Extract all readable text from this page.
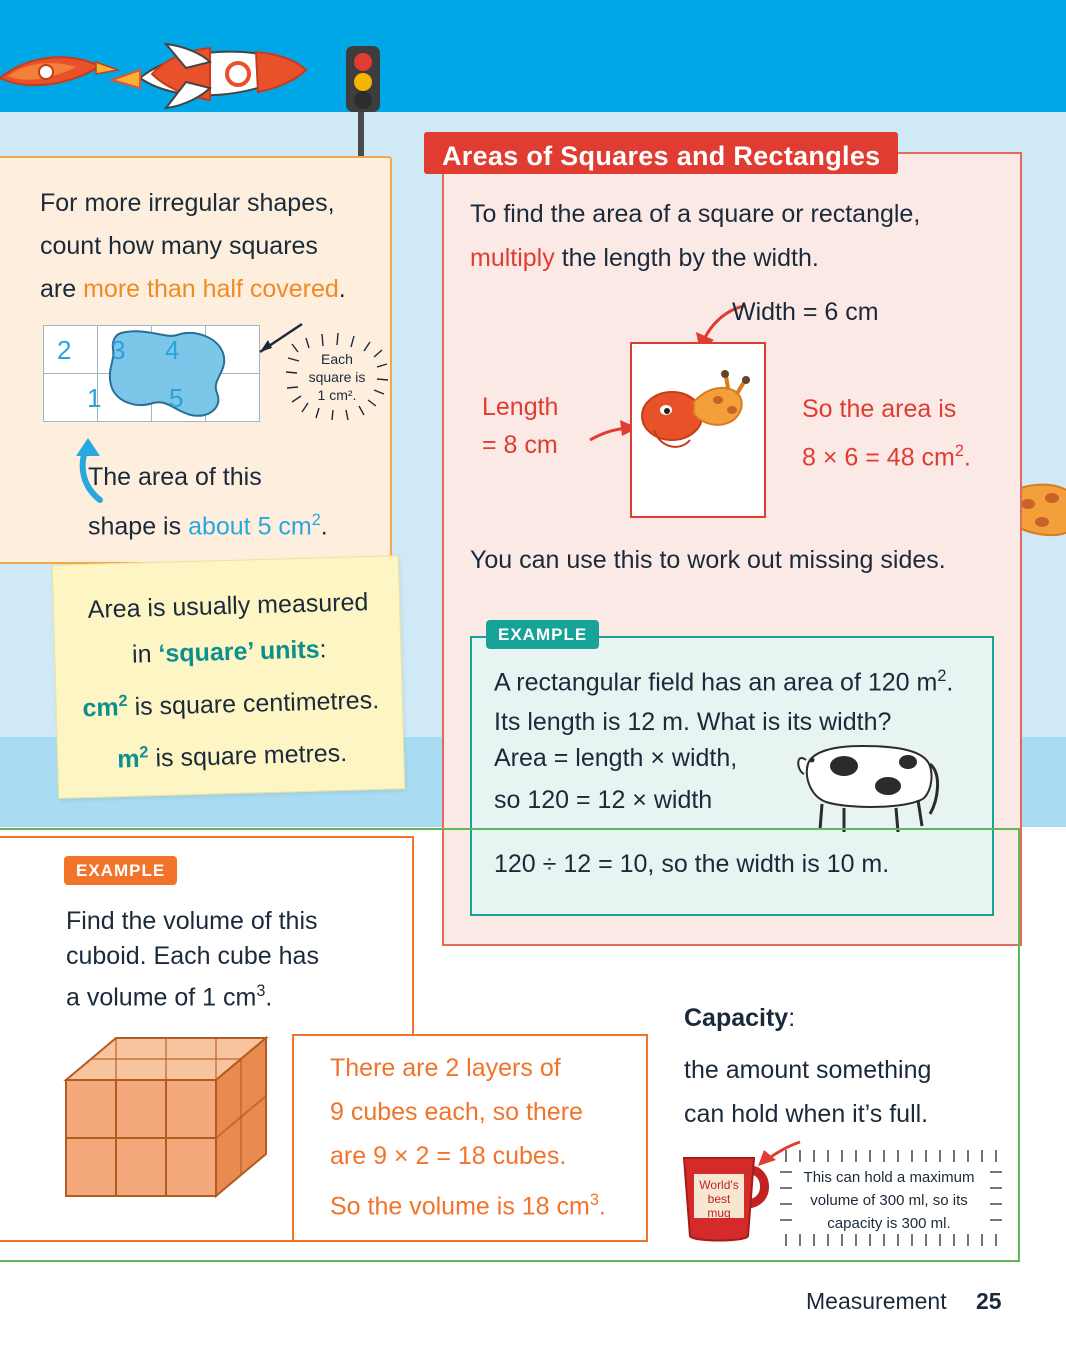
For more irregular shapes,
count how many squares
are more than half covered.
2 3 4
1	5
Each
square is
1 cm².
The area of this
shape is about 5 $cm^2$.
Area is usually measured
in ‘square’ units:
$cm^2$ is square centimetres.
$m^2$ is square metres.
Areas of Squares and Rectangles
To find the area of a square or rectangle,
multiply the length by the width.
Width = 6 cm
Length
= 8 cm
So the area is
8 × 6 = 48 $cm^2$.
You can use this to work out missing sides.

A rectangular field has an area of 120 $m^2$.
Its length is 12 m. What is its width?

Area = length × width,

so 120 = 12 × width

120 ÷ 12 = 10, so the width is 10 m.

EXAMPLE
EXAMPLE
Find the volume of this
cuboid. Each cube has
a volume of 1 $cm^3$.
There are 2 layers of
9 cubes each, so there
are 9 × 2 = 18 cubes.
So the volume is 18 $cm^3$.
Capacity:
the amount something
can hold when it’s full.
World's
best
mug
This can hold a maximum
volume of 300 ml, so its
capacity is 300 ml.
Measurement 25
